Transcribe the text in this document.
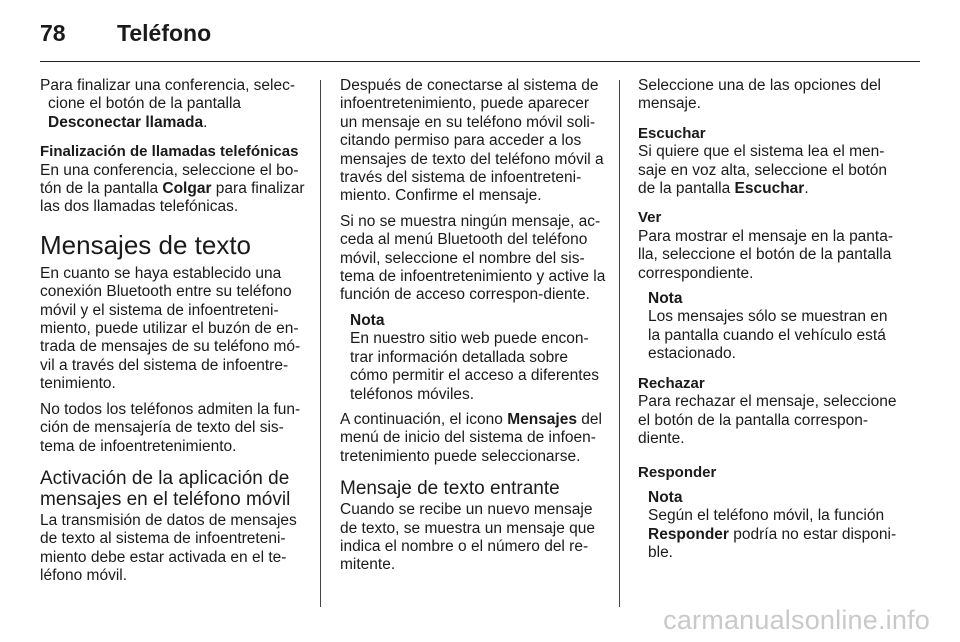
78 Teléfono

Para finalizar una conferencia, selec-cione el botón de la pantalla
Desconectar llamada.

Finalización de llamadas telefónicas

En una conferencia, seleccione el bo-tón de la pantalla Colgar para finalizar las dos llamadas telefónicas.

Mensajes de texto

En cuanto se haya establecido una conexión Bluetooth entre su teléfono móvil y el sistema de infoentreteni-miento, puede utilizar el buzón de en-trada de mensajes de su teléfono mó-vil a través del sistema de infoentre-tenimiento.

No todos los teléfonos admiten la fun-ción de mensajería de texto del sis-tema de infoentretenimiento.

Activación de la aplicación de mensajes en el teléfono móvil

La transmisión de datos de mensajes de texto al sistema de infoentreteni-miento debe estar activada en el te-léfono móvil.

Después de conectarse al sistema de infoentretenimiento, puede aparecer un mensaje en su teléfono móvil soli-citando permiso para acceder a los mensajes de texto del teléfono móvil a través del sistema de infoentreteni-miento. Confirme el mensaje.

Si no se muestra ningún mensaje, ac-ceda al menú Bluetooth del teléfono móvil, seleccione el nombre del sis-tema de infoentretenimiento y active la función de acceso correspon-diente.

Nota
En nuestro sitio web puede encon-trar información detallada sobre cómo permitir el acceso a diferentes teléfonos móviles.

A continuación, el icono Mensajes del menú de inicio del sistema de infoen-tretenimiento puede seleccionarse.

Mensaje de texto entrante

Cuando se recibe un nuevo mensaje de texto, se muestra un mensaje que indica el nombre o el número del re-mitente.

Seleccione una de las opciones del mensaje.

Escuchar

Si quiere que el sistema lea el men-saje en voz alta, seleccione el botón de la pantalla Escuchar.

Ver

Para mostrar el mensaje en la panta-lla, seleccione el botón de la pantalla correspondiente.

Nota
Los mensajes sólo se muestran en la pantalla cuando el vehículo está estacionado.
Rechazar

Para rechazar el mensaje, seleccione el botón de la pantalla correspon-diente.

Responder
Nota
Según el teléfono móvil, la función Responder podría no estar disponi-ble.
carmanualsonline.info
